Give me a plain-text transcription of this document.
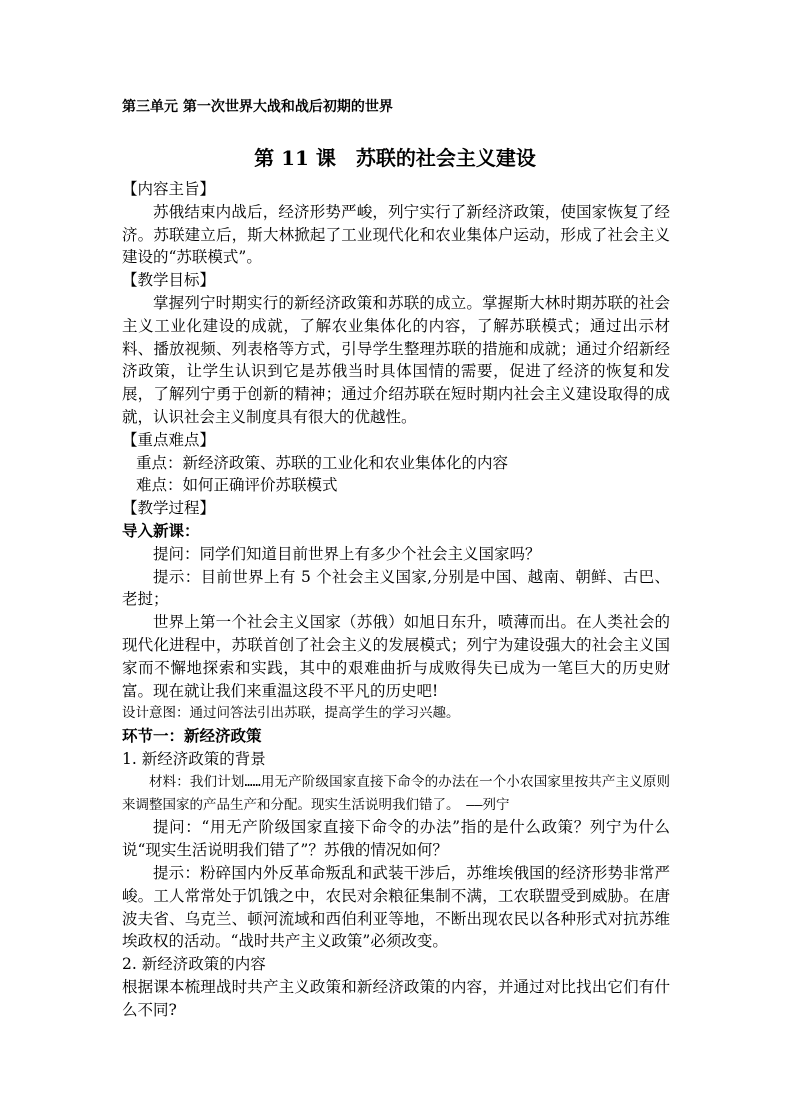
第三单元 第一次世界大战和战后初期的世界
第 11 课　苏联的社会主义建设

【内容主旨】

苏俄结束内战后，经济形势严峻，列宁实行了新经济政策，使国家恢复了经济。苏联建立后，斯大林掀起了工业现代化和农业集体户运动，形成了社会主义建设的“苏联模式”。

【教学目标】

掌握列宁时期实行的新经济政策和苏联的成立。掌握斯大林时期苏联的社会主义工业化建设的成就，了解农业集体化的内容，了解苏联模式；通过出示材料、播放视频、列表格等方式，引导学生整理苏联的措施和成就；通过介绍新经济政策，让学生认识到它是苏俄当时具体国情的需要，促进了经济的恢复和发展，了解列宁勇于创新的精神；通过介绍苏联在短时期内社会主义建设取得的成就，认识社会主义制度具有很大的优越性。

【重点难点】

重点：新经济政策、苏联的工业化和农业集体化的内容

难点：如何正确评价苏联模式

【教学过程】

导入新课：

提问：同学们知道目前世界上有多少个社会主义国家吗？

提示：目前世界上有 5 个社会主义国家,分别是中国、越南、朝鲜、古巴、老挝；

世界上第一个社会主义国家（苏俄）如旭日东升，喷薄而出。在人类社会的现代化进程中，苏联首创了社会主义的发展模式；列宁为建设强大的社会主义国家而不懈地探索和实践，其中的艰难曲折与成败得失已成为一笔巨大的历史财富。现在就让我们来重温这段不平凡的历史吧!

设计意图：通过问答法引出苏联，提高学生的学习兴趣。

环节一：新经济政策

1. 新经济政策的背景

材料：我们计划……用无产阶级国家直接下命令的办法在一个小农国家里按共产主义原则来调整国家的产品生产和分配。现实生活说明我们错了。　——列宁

提问：“用无产阶级国家直接下命令的办法”指的是什么政策？列宁为什么说“现实生活说明我们错了”？苏俄的情况如何？

提示：粉碎国内外反革命叛乱和武装干涉后，苏维埃俄国的经济形势非常严峻。工人常常处于饥饿之中，农民对余粮征集制不满，工农联盟受到威胁。在唐波夫省、乌克兰、顿河流域和西伯利亚等地，不断出现农民以各种形式对抗苏维埃政权的活动。“战时共产主义政策”必须改变。

2. 新经济政策的内容

根据课本梳理战时共产主义政策和新经济政策的内容，并通过对比找出它们有什么不同?
